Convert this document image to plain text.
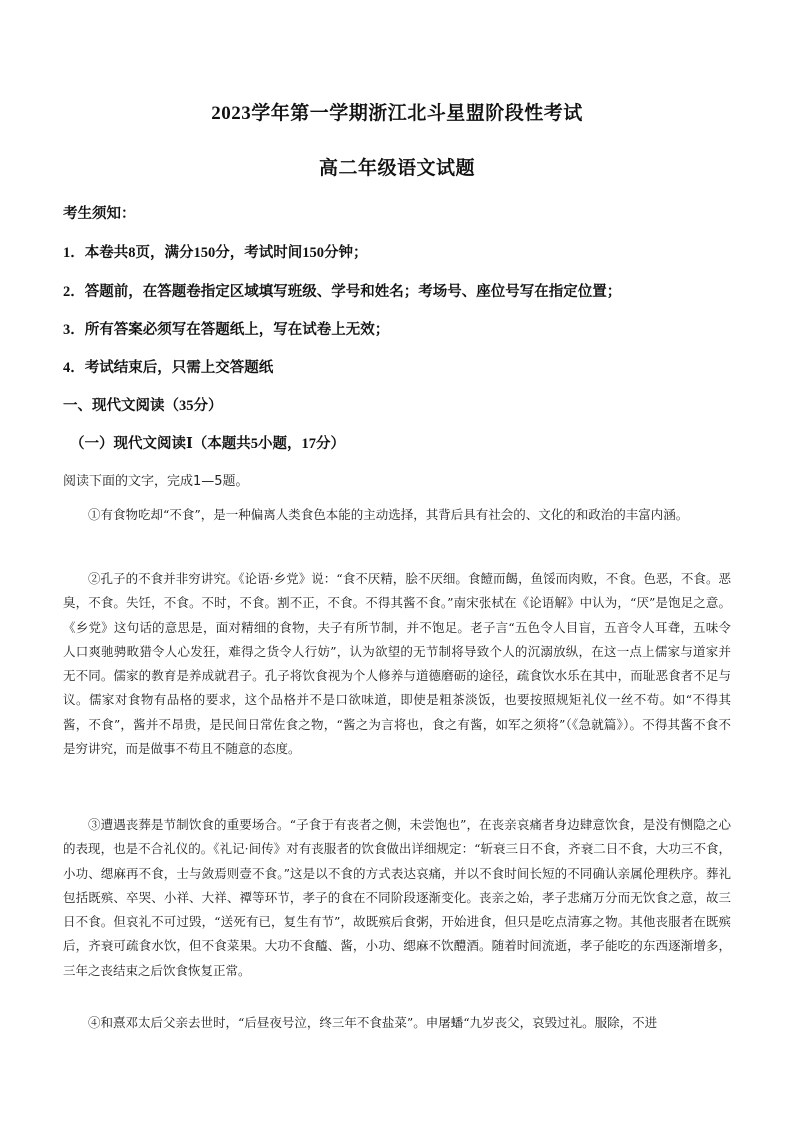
2023学年第一学期浙江北斗星盟阶段性考试
高二年级语文试题
考生须知：
1．本卷共8页，满分150分，考试时间150分钟；
2．答题前，在答题卷指定区域填写班级、学号和姓名；考场号、座位号写在指定位置；
3．所有答案必须写在答题纸上，写在试卷上无效；
4．考试结束后，只需上交答题纸
一、现代文阅读（35分）
（一）现代文阅读Ⅰ（本题共5小题，17分）
阅读下面的文字，完成1—5题。

①有食物吃却“不食”，是一种偏离人类食色本能的主动选择，其背后具有社会的、文化的和政治的丰富内涵。

②孔子的不食并非穷讲究。《论语·乡党》说：“食不厌精，脍不厌细。食饐而餲，鱼馁而肉败，不食。色恶，不食。恶臭，不食。失饪，不食。不时，不食。割不正，不食。不得其酱不食。”南宋张栻在《论语解》中认为，“厌”是饱足之意。《乡党》这句话的意思是，面对精细的食物，夫子有所节制，并不饱足。老子言“五色令人目盲，五音令人耳聋，五味令人口爽驰骋畋猎令人心发狂，难得之货令人行妨”，认为欲望的无节制将导致个人的沉溺放纵，在这一点上儒家与道家并无不同。儒家的教育是养成就君子。孔子将饮食视为个人修养与道德磨砺的途径，疏食饮水乐在其中，而耻恶食者不足与议。儒家对食物有品格的要求，这个品格并不是口欲味道，即使是粗茶淡饭，也要按照规矩礼仪一丝不苟。如“不得其酱，不食”，酱并不昂贵，是民间日常佐食之物，“酱之为言将也，食之有酱，如军之须将”（《急就篇》）。不得其酱不食不是穷讲究，而是做事不苟且不随意的态度。

③遭遇丧葬是节制饮食的重要场合。“子食于有丧者之侧，未尝饱也”，在丧亲哀痛者身边肆意饮食，是没有恻隐之心的表现，也是不合礼仪的。《礼记·间传》对有丧服者的饮食做出详细规定：“斩衰三日不食，齐衰二日不食，大功三不食，小功、缌麻再不食，士与敛焉则壹不食。”这是以不食的方式表达哀痛，并以不食时间长短的不同确认亲属伦理秩序。葬礼包括既殡、卒哭、小祥、大祥、禫等环节，孝子的食在不同阶段逐渐变化。丧亲之始，孝子悲痛万分而无饮食之意，故三日不食。但哀礼不可过毁，“送死有已，复生有节”，故既殡后食粥，开始进食，但只是吃点清寡之物。其他丧服者在既殡后，齐衰可疏食水饮，但不食菜果。大功不食醯、酱，小功、缌麻不饮醴酒。随着时间流逝，孝子能吃的东西逐渐增多，三年之丧结束之后饮食恢复正常。

④和熹邓太后父亲去世时，“后昼夜号泣，终三年不食盐菜”。申屠蟠“九岁丧父，哀毁过礼。服除，不进
